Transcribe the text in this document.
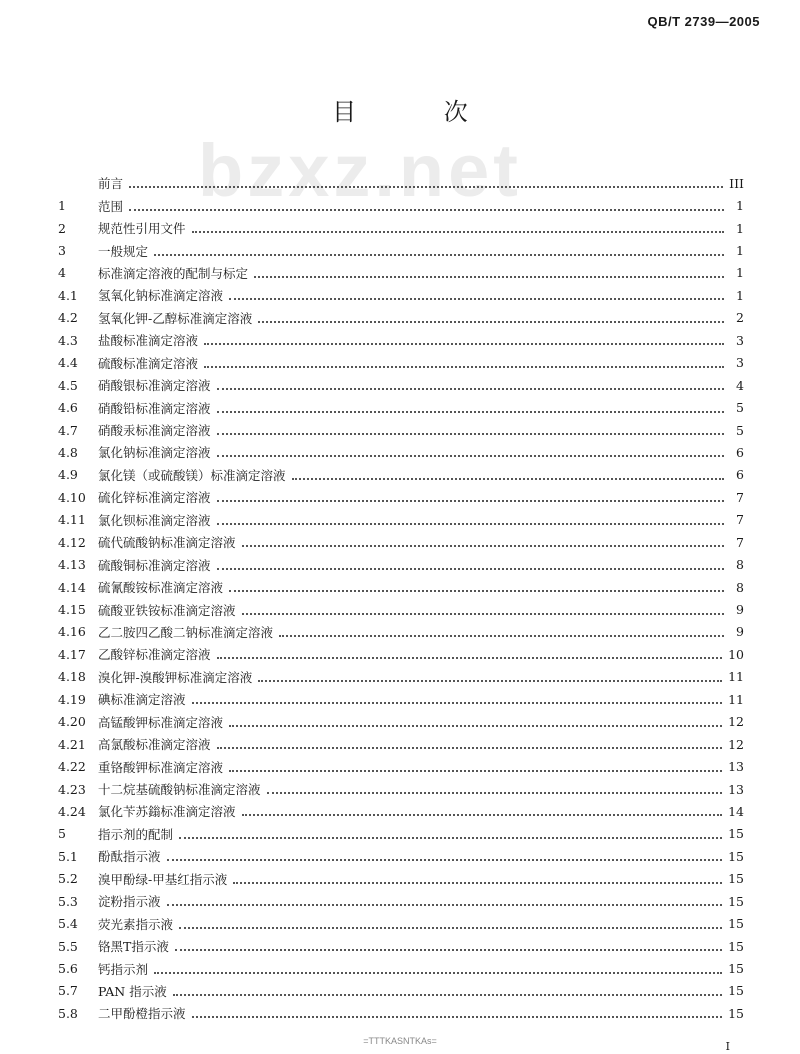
QB/T 2739—2005
bzxz.net
目 次
前言	III
1	范围	1
2	规范性引用文件	1
3	一般规定	1
4	标准滴定溶液的配制与标定	1
4.1	氢氧化钠标准滴定溶液	1
4.2	氢氧化钾-乙醇标准滴定溶液	2
4.3	盐酸标准滴定溶液	3
4.4	硫酸标准滴定溶液	3
4.5	硝酸银标准滴定溶液	4
4.6	硝酸铅标准滴定溶液	5
4.7	硝酸汞标准滴定溶液	5
4.8	氯化钠标准滴定溶液	6
4.9	氯化镁（或硫酸镁）标准滴定溶液	6
4.10 硫化锌标准滴定溶液	7
4.11 氯化钡标准滴定溶液	7
4.12 硫代硫酸钠标准滴定溶液	7
4.13 硫酸铜标准滴定溶液	8
4.14 硫氰酸铵标准滴定溶液	8
4.15 硫酸亚铁铵标准滴定溶液	9
4.16 乙二胺四乙酸二钠标准滴定溶液	9
4.17 乙酸锌标准滴定溶液	10
4.18 溴化钾-溴酸钾标准滴定溶液	11
4.19 碘标准滴定溶液	11
4.20 高锰酸钾标准滴定溶液	12
4.21 高氯酸标准滴定溶液	12
4.22 重铬酸钾标准滴定溶液	13
4.23 十二烷基硫酸钠标准滴定溶液	13
4.24 氯化苄苏鎓标准滴定溶液	14
5	指示剂的配制	15
5.1	酚酞指示液	15
5.2	溴甲酚绿-甲基红指示液	15
5.3	淀粉指示液	15
5.4	荧光素指示液	15
5.5	铬黑T指示液	15
5.6	钙指示剂	15
5.7	PAN 指示液	15
5.8	二甲酚橙指示液	15
=TTTKASNTKAs=	I
